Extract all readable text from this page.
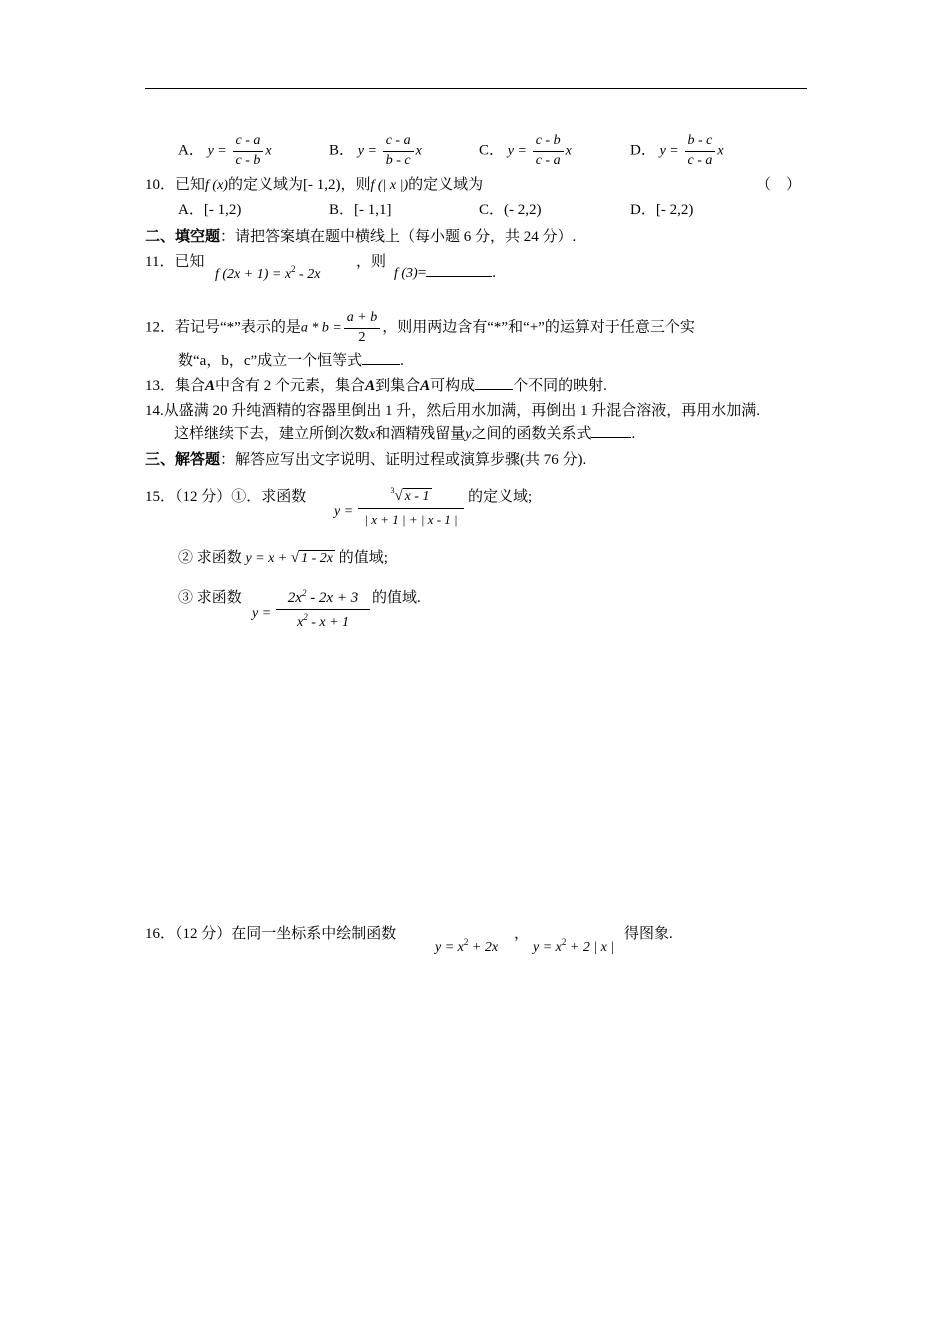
A． $y = \frac{c - a}{c - b}$ x	B． $y = \frac{c - a}{b - c}$ x	C． $y = \frac{c - b}{c - a}$ x	D． $y = \frac{b - c}{c - a}$ x
10．已知f (x)的定义域为[- 1,2)，则f (| x |)的定义域为	（　）
A．[- 1,2)	B．[- 1,1]	C．(- 2,2)	D．[- 2,2)
二、填空题：请把答案填在题中横线上（每小题 6 分，共 24 分）.
11．已知
f $(2x + 1) = x^2 - 2x$
，则
f (3)=	.
12．若记号“*”表示的是$a * b = \frac{a + b}{2}$ ，则用两边含有“*”和“+”的运算对于任意三个实
数“a，b，c”成立一个恒等式	.
13．集合A中含有 2 个元素，集合A到集合A可构成	个不同的映射.
14.从盛满 20 升纯酒精的容器里倒出 1 升，然后用水加满，再倒出 1 升混合溶液，再用水加满.
这样继续下去，建立所倒次数x和酒精残留量y之间的函数关系式	.
三、解答题：解答应写出文字说明、证明过程或演算步骤(共 76 分).
15．（12 分）①．求函数
$y = \frac{^3√ x - 1}{| x + 1 | + | x - 1 |}$ 的定义域;
② 求函数 y = x + √ 1 - 2x 的值域;
③ 求函数
$y = \frac{2x^2 - 2x + 3}{x^2 - x + 1}$ 的值域.
16．（12 分）在同一坐标系中绘制函数
$y = x^2 + 2x$
，
$y = x^2 + 2$ | x |
得图象.
